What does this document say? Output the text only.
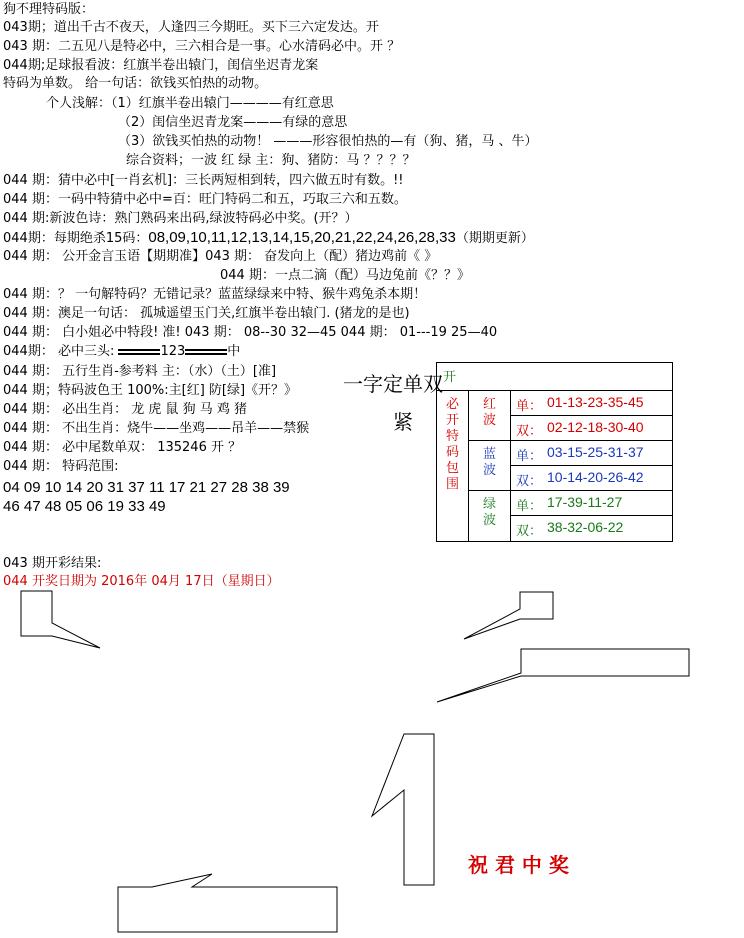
狗不理特码版：
043期；道出千古不夜天，人逢四三今期旺。买下三六定发达。开
043 期：二五见八是特必中，三六相合是一事。心水清码必中。开 ？
044期;足球报看波：红旗半卷出辕门，闺信坐迟青龙案
特码为单数。 给一句话：欲钱买怕热的动物。
个人浅解：（1）红旗半卷出辕门————有红意思
（2）闺信坐迟青龙案———有绿的意思
（3）欲钱买怕热的动物！ ———形容很怕热的—有（狗、猪，马 、牛）
综合资料；一波 红 绿 主：狗、猪防：马 ？？？？
044 期：猜中必中[一肖玄机]：三长两短相到转，四六做五时有数。!!
044 期：一码中特猜中必中=百：旺门特码二和五，巧取三六和五数。
044 期:新波色诗：熟门熟码来出码,绿波特码必中奖。(开？）
044期：每期绝杀15码：08,09,10,11,12,13,14,15,20,21,22,24,26,28,33（期期更新）
044 期： 公开金言玉语【期期准】043 期： 奋发向上（配）猪边鸡前《 》
044 期：一点二滴（配）马边兔前《？？》
044 期：？ 一句解特码？无错记录？蓝蓝绿绿来中特、猴牛鸡兔杀本期！
044 期：澳足一句话： 孤城遥望玉门关,红旗半卷出辕门. (猪龙的是也)
044 期： 白小姐必中特段! 准! 043 期： 08--30 32—45 044 期： 01---19 25—40
044期： 必中三头:	123	中
044 期： 五行生肖-参考料 主：（水）（土）[准]
044 期；特码波色王 100%:主[红] 防[绿]《开？》
044 期： 必出生肖： 龙 虎 鼠 狗 马 鸡 猪
044 期： 不出生肖：烧牛——坐鸡——吊羊——禁猴
044 期： 必中尾数单双： 135246 开 ？
044 期： 特码范围:
04 09 10 14 20 31 37 11 17 21 27 28 38 39
46 47 48 05 06 19 33 49
一字定单双
紧
开
必开特码包围
红波
单： 01-13-23-35-45
双： 02-12-18-30-40
蓝波
单： 03-15-25-31-37
双： 10-14-20-26-42
绿波
单： 17-39-11-27
双： 38-32-06-22
043 期开彩结果:
044 开奖日期为 2016年 04月 17日（星期日）
祝 君 中 奖
